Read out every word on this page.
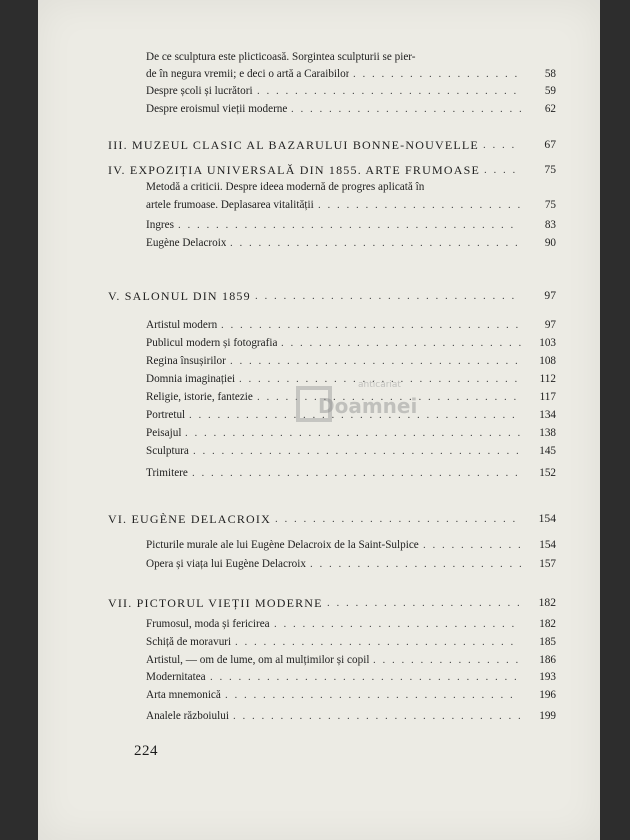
De ce sculptura este plicticoasă. Sorgintea sculpturii se pier-
de în negura vremii; e deci o artă a Caraibilor . . .	58
Despre școli și lucrători . . .	59
Despre eroismul vieții moderne . . .	62
III. MUZEUL CLASIC AL BAZARULUI BONNE-NOUVELLE . . .	67
IV. EXPOZIȚIA UNIVERSALĂ DIN 1855. ARTE FRUMOASE . . .	75
Metodă a criticii. Despre ideea modernă de progres aplicată în
artele frumoase. Deplasarea vitalității . . .	75
Ingres . . .	83
Eugène Delacroix . . .	90
V. SALONUL DIN 1859 . . .	97
Artistul modern . . .	97
Publicul modern și fotografia . . .	103
Regina însușirilor . . .	108
Domnia imaginației . . .	112
Religie, istorie, fantezie . . .	117
Portretul . . .	134
Peisajul . . .	138
Sculptura . . .	145
Trimitere . . .	152
VI. EUGÈNE DELACROIX . . .	154
Picturile murale ale lui Eugène Delacroix de la Saint-Sulpice . . .	154
Opera și viața lui Eugène Delacroix . . .	157
VII. PICTORUL VIEȚII MODERNE . . .	182
Frumosul, moda și fericirea . . .	182
Schiță de moravuri . . .	185
Artistul, — om de lume, om al mulțimilor și copil . . .	186
Modernitatea . . .	193
Arta mnemonică . . .	196
Analele războiului . . .	199
anticariat
Doamnei
224
